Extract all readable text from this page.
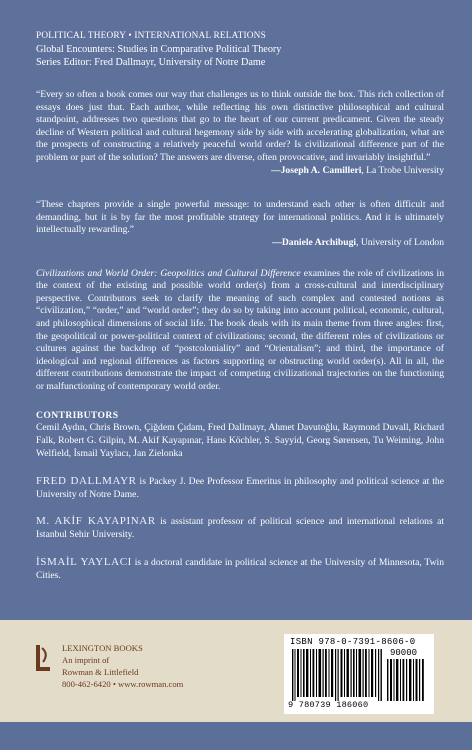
POLITICAL THEORY • INTERNATIONAL RELATIONS

Global Encounters: Studies in Comparative Political Theory

Series Editor: Fred Dallmayr, University of Notre Dame

“Every so often a book comes our way that challenges us to think outside the box. This rich collection of essays does just that. Each author, while reflecting his own distinctive philosophical and cultural standpoint, addresses two questions that go to the heart of our current predicament. Given the steady decline of Western political and cultural hegemony side by side with accelerating globalization, what are the prospects of constructing a relatively peaceful world order? Is civilizational difference part of the problem or part of the solution? The answers are diverse, often provocative, and invariably insightful.”

—Joseph A. Camilleri, La Trobe University

“These chapters provide a single powerful message: to understand each other is often difficult and demanding, but it is by far the most profitable strategy for international politics. And it is ultimately intellectually rewarding.”

—Daniele Archibugi, University of London

Civilizations and World Order: Geopolitics and Cultural Difference examines the role of civilizations in the context of the existing and possible world order(s) from a cross-cultural and interdisciplinary perspective. Contributors seek to clarify the meaning of such complex and contested notions as “civilization,” “order,” and “world order”; they do so by taking into account political, economic, cultural, and philosophical dimensions of social life. The book deals with its main theme from three angles: first, the geopolitical or power-political context of civilizations; second, the different roles of civilizations or cultures against the backdrop of “postcoloniality” and “Orientalism”; and third, the importance of ideological and regional differences as factors supporting or obstructing world order(s). All in all, the different contributions demonstrate the impact of competing civilizational trajectories on the functioning or malfunctioning of contemporary world order.

CONTRIBUTORS

Cemil Aydın, Chris Brown, Çiğdem Çıdam, Fred Dallmayr, Ahmet Davutoğlu, Raymond Duvall, Richard Falk, Robert G. Gilpin, M. Akif Kayapınar, Hans Köchler, S. Sayyid, Georg Sørensen, Tu Weiming, John Welfield, İsmail Yaylacı, Jan Zielonka

FRED DALLMAYR is Packey J. Dee Professor Emeritus in philosophy and political science at the University of Notre Dame.

M. AKİF KAYAPINAR is assistant professor of political science and international relations at Istanbul Sehir University.

İSMAİL YAYLACI is a doctoral candidate in political science at the University of Minnesota, Twin Cities.

LEXINGTON BOOKS
An imprint of
Rowman & Littlefield
800-462-6420 • www.rowman.com
ISBN 978-0-7391-8606-0
90000
9 780739 186060
